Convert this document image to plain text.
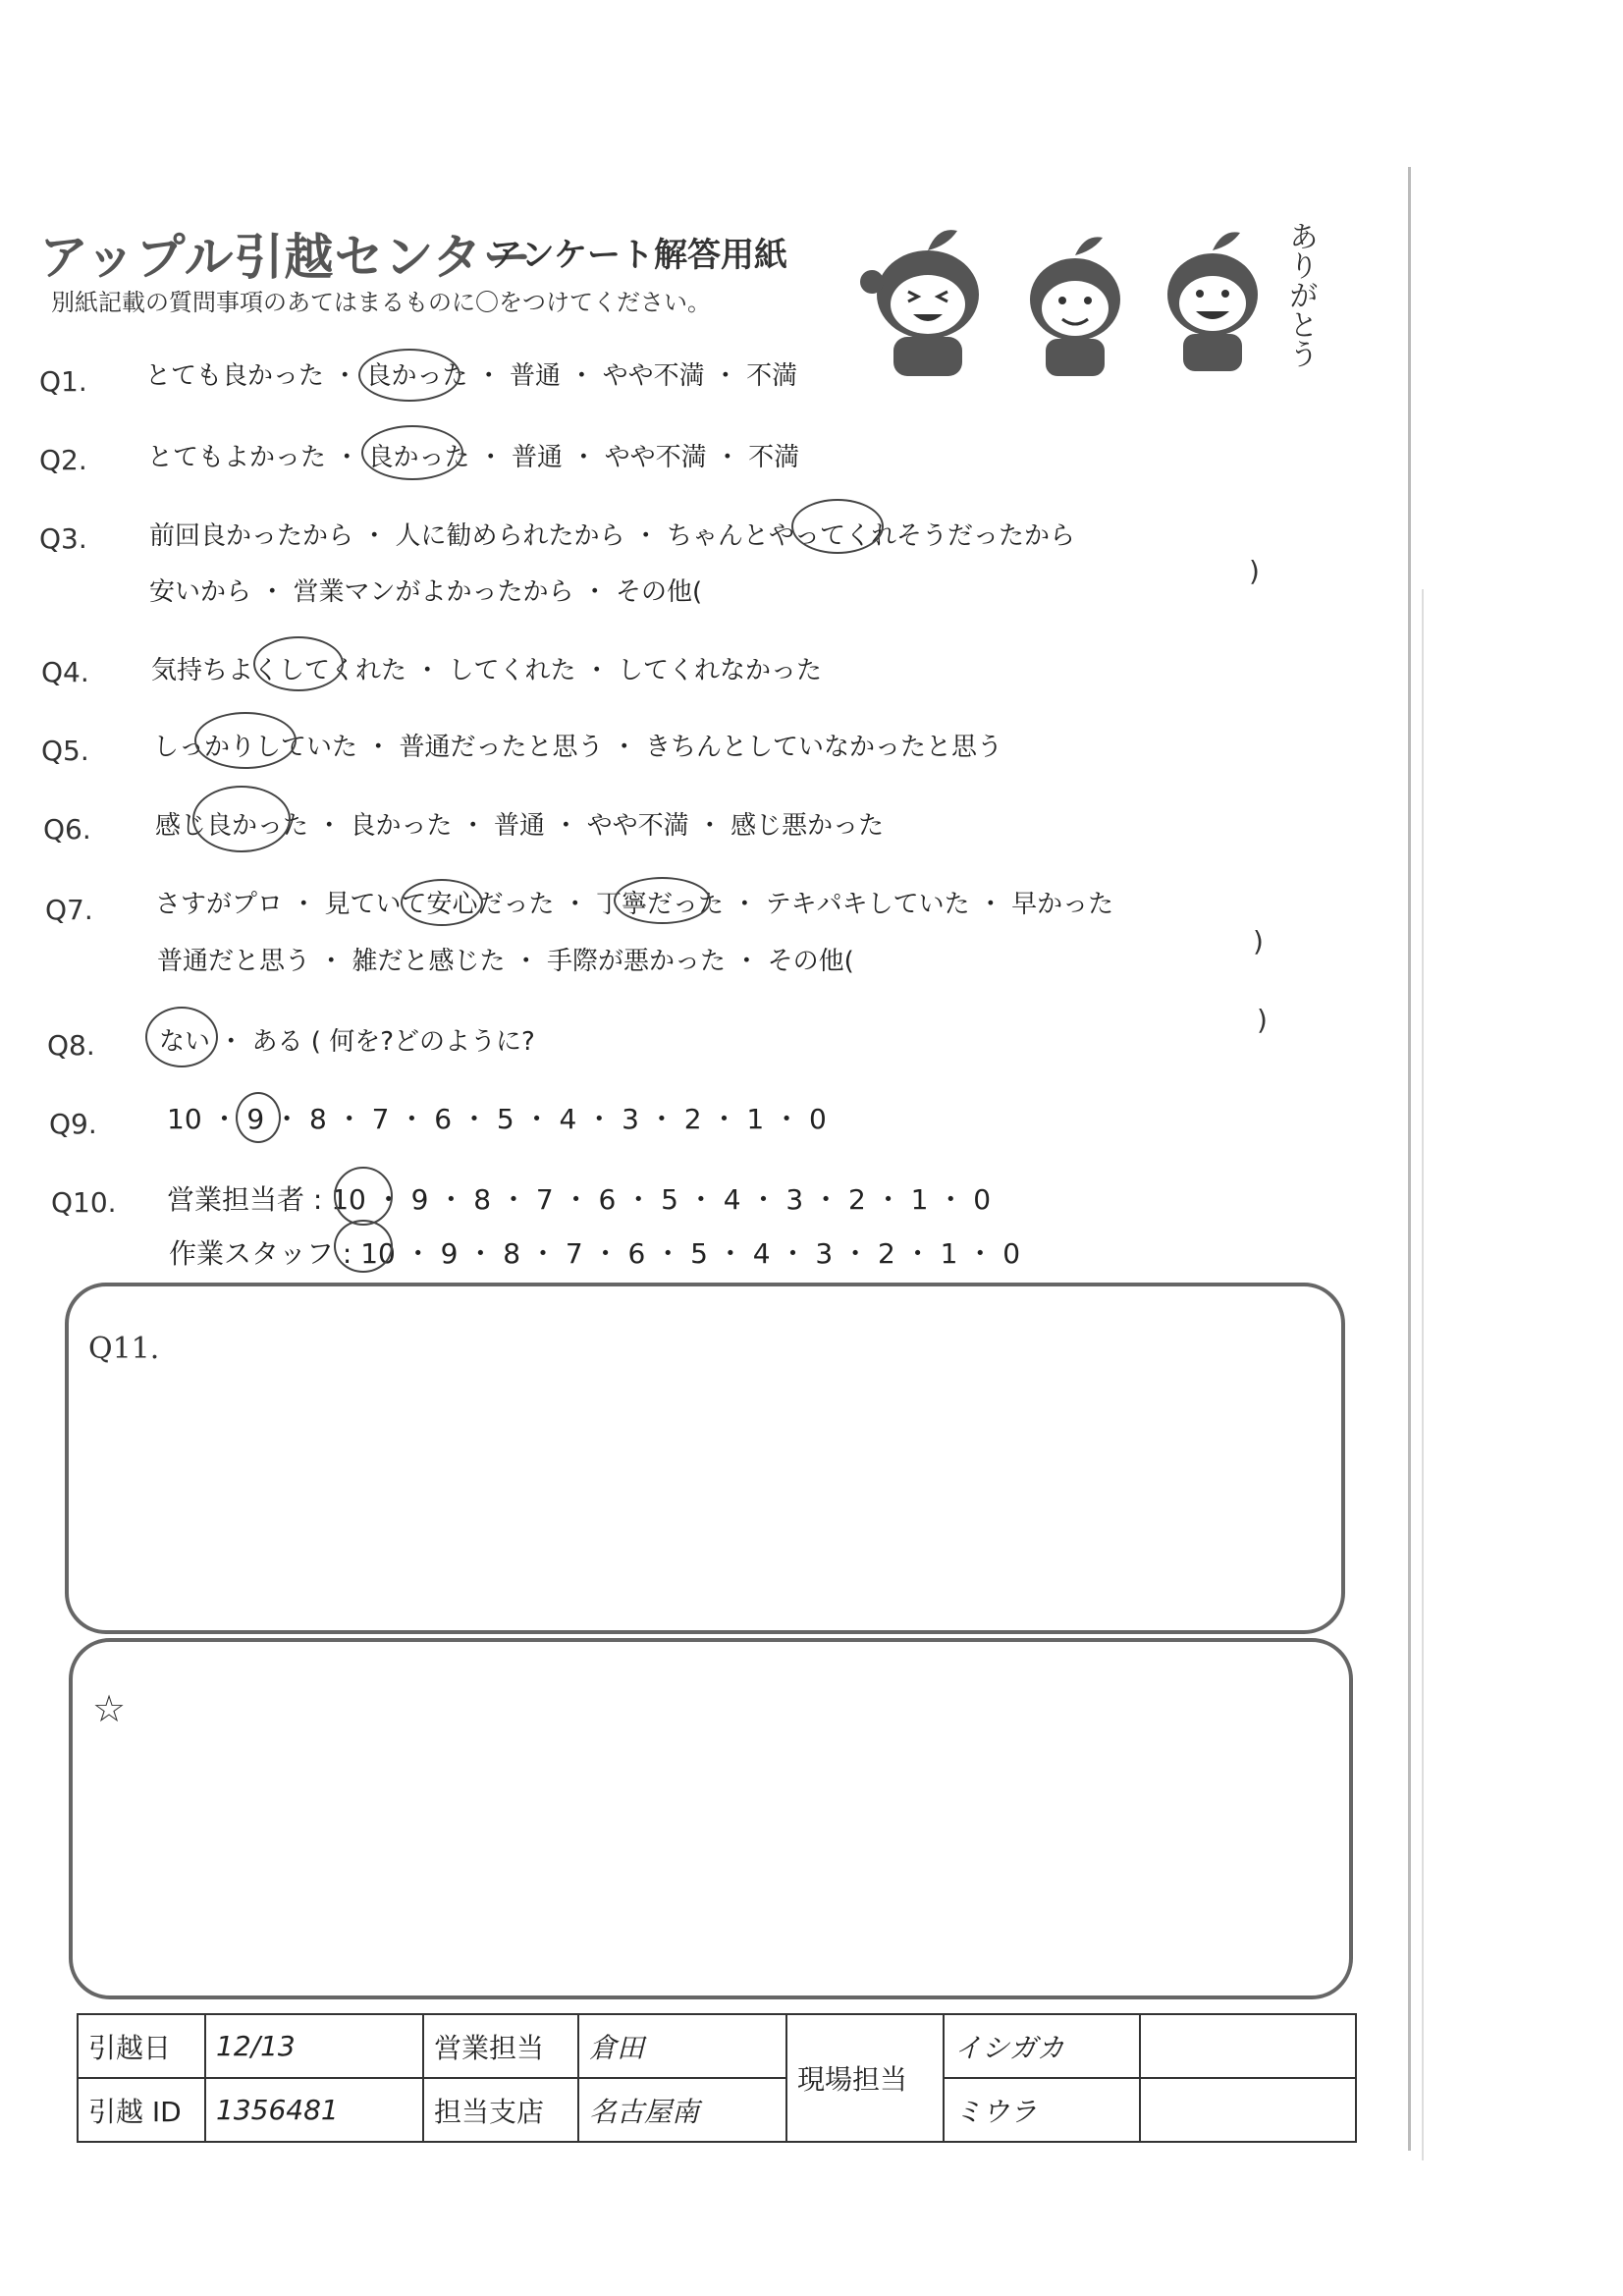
アップル引越センター
アンケート解答用紙
別紙記載の質問事項のあてはまるものに〇をつけてください。	ありがとう
Q1. とても良かった ・ 良かった ・ 普通 ・ やや不満 ・ 不満
Q2. とてもよかった ・ 良かった ・ 普通 ・ やや不満 ・ 不満
Q3. 前回良かったから ・ 人に勧められたから ・ ちゃんとやってくれそうだったから
安いから ・ 営業マンがよかったから ・ その他(
)
Q4. 気持ちよくしてくれた ・ してくれた ・ してくれなかった
Q5.	しっかりしていた ・ 普通だったと思う ・ きちんとしていなかったと思う
Q6.	感じ良かった ・ 良かった ・ 普通 ・ やや不満 ・ 感じ悪かった
Q7. さすがプロ ・ 見ていて安心だった ・ 丁寧だった ・ テキパキしていた ・ 早かった
普通だと思う ・ 雑だと感じた ・ 手際が悪かった ・ その他(
)
Q8.	ない ・ ある ( 何を?どのように?
)
Q9.	10 ・ 9 ・ 8 ・ 7 ・ 6 ・ 5 ・ 4 ・ 3 ・ 2 ・ 1 ・ 0
Q10. 営業担当者 : 10 ・ 9 ・ 8 ・ 7 ・ 6 ・ 5 ・ 4 ・ 3 ・ 2 ・ 1 ・ 0
作業スタッフ : 10 ・ 9 ・ 8 ・ 7 ・ 6 ・ 5 ・ 4 ・ 3 ・ 2 ・ 1 ・ 0
Q11.
☆
引越日	12/13	営業担当	倉田	現場担当	イシガカ	
引越 ID	1356481	担当支店	名古屋南		ミウラ	
